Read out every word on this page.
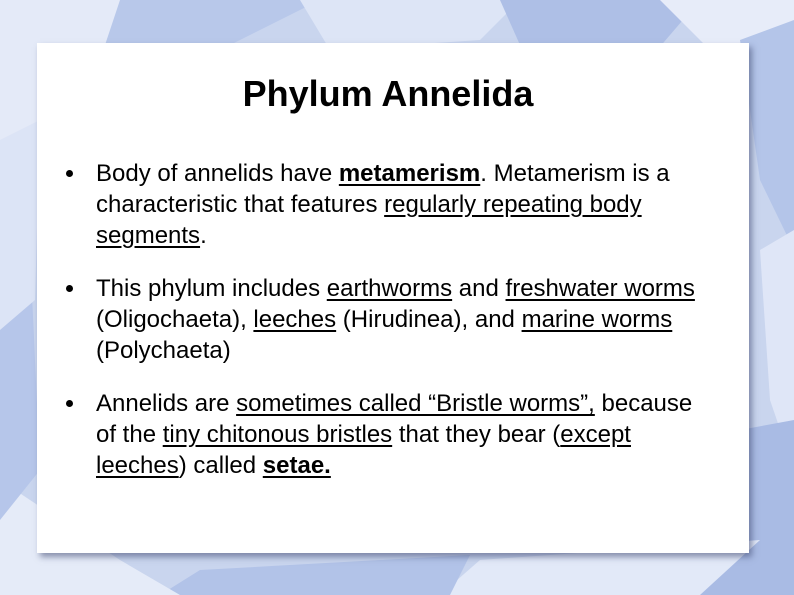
Phylum Annelida
Body of annelids have metamerism. Metamerism is a characteristic that features regularly repeating body segments.
This phylum includes earthworms and freshwater worms (Oligochaeta), leeches (Hirudinea), and marine worms (Polychaeta)
Annelids are sometimes called “Bristle worms”, because of the tiny chitonous bristles that they bear (except leeches) called setae.
